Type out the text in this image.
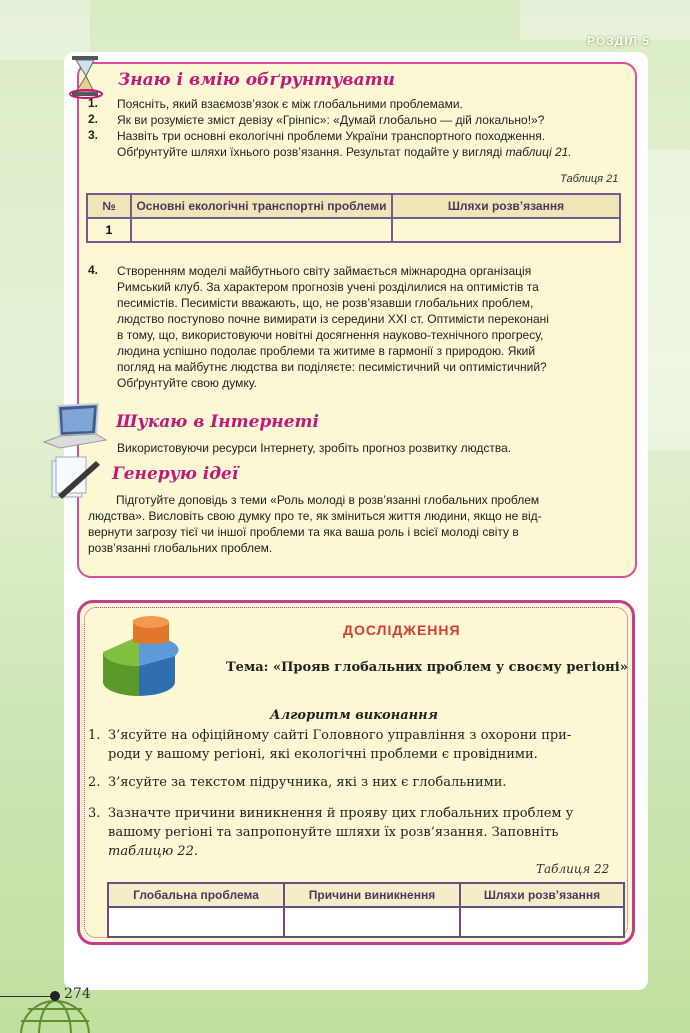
РОЗДІЛ 5
Знаю і вмію обґрунтувати
1. Поясніть, який взаємозв’язок є між глобальними проблемами.
2. Як ви розумієте зміст девізу «Грінпіс»: «Думай глобально — дій локально!»?
3. Назвіть три основні екологічні проблеми України транспортного походження.
Обґрунтуйте шляхи їхнього розв’язання. Результат подайте у вигляді таблиці 21.
Таблиця 21
№	Основні екологічні транспортні проблеми	Шляхи розв’язання
1		
4. Створенням моделі майбутнього світу займається міжнародна організація
Римський клуб. За характером прогнозів учені розділилися на оптимістів та
песимістів. Песимісти вважають, що, не розв’язавши глобальних проблем,
людство поступово почне вимирати із середини XXI ст. Оптимісти переконані
в тому, що, використовуючи новітні досягнення науково-технічного прогресу,
людина успішно подолає проблеми та житиме в гармонії з природою. Який
погляд на майбутнє людства ви поділяєте: песимістичний чи оптимістичний?
Обґрунтуйте свою думку.
Шукаю в Інтернеті
Використовуючи ресурси Інтернету, зробіть прогноз розвитку людства.
Генерую ідеї
Підготуйте доповідь з теми «Роль молоді в розв’язанні глобальних проблем
людства». Висловіть свою думку про те, як зміниться життя людини, якщо не від-
вернути загрозу тієї чи іншої проблеми та яка ваша роль і всієї молоді світу в
розв’язанні глобальних проблем.
ДОСЛІДЖЕННЯ
Тема: «Прояв глобальних проблем у своєму регіоні»
Алгоритм виконання
1. З’ясуйте на офіційному сайті Головного управління з охорони при-
роди у вашому регіоні, які екологічні проблеми є провідними.
2. З’ясуйте за текстом підручника, які з них є глобальними.
3. Зазначте причини виникнення й прояву цих глобальних проблем у
вашому регіоні та запропонуйте шляхи їх розв’язання. Заповніть
таблицю 22.
Таблиця 22
Глобальна проблема	Причини виникнення	Шляхи розв’язання

274
